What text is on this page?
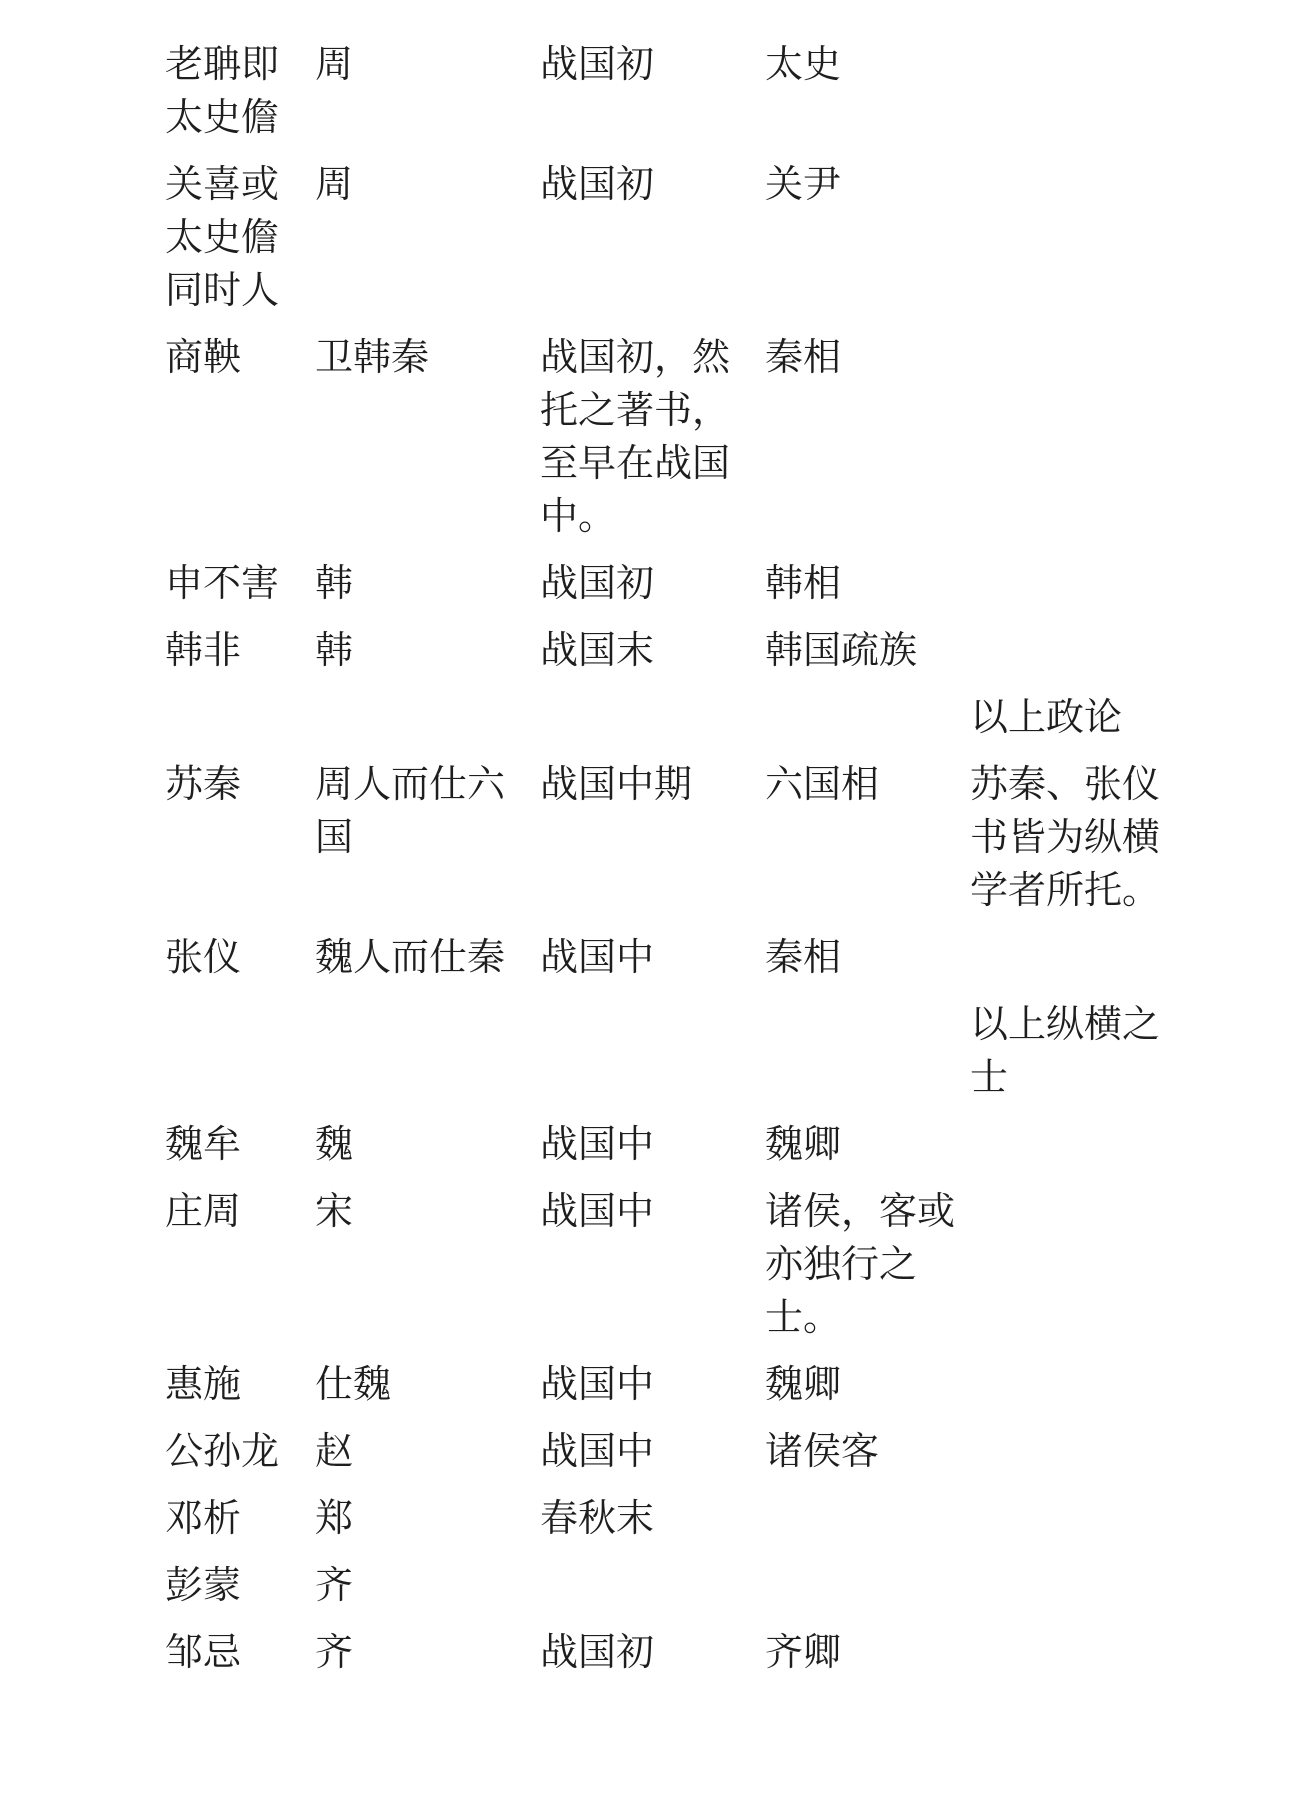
老聃即太史儋	周	战国初	太史	
关喜或太史儋同时人	周	战国初	关尹	
商鞅	卫韩秦	战国初，然托之著书，至早在战国中。	秦相	
申不害	韩	战国初	韩相	
韩非	韩	战国末	韩国疏族	
				以上政论
苏秦	周人而仕六国	战国中期	六国相	苏秦、张仪书皆为纵横学者所托。
张仪	魏人而仕秦	战国中	秦相	
				以上纵横之士
魏牟	魏	战国中	魏卿	
庄周	宋	战国中	诸侯，客或亦独行之士。	
惠施	仕魏	战国中	魏卿	
公孙龙	赵	战国中	诸侯客	
邓析	郑	春秋末		
彭蒙	齐			
邹忌	齐	战国初	齐卿	
